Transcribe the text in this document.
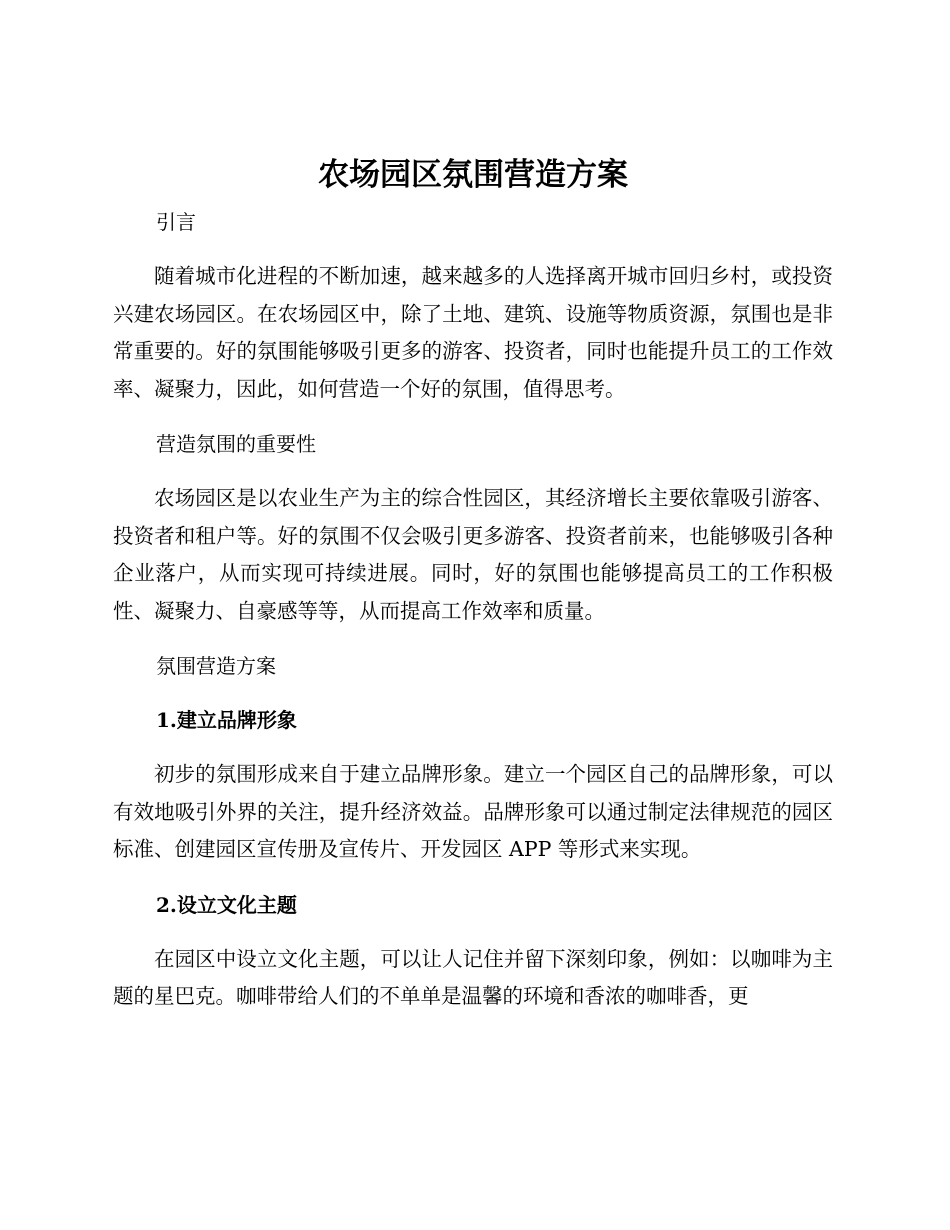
农场园区氛围营造方案
引言

随着城市化进程的不断加速，越来越多的人选择离开城市回归乡村，或投资兴建农场园区。在农场园区中，除了土地、建筑、设施等物质资源，氛围也是非常重要的。好的氛围能够吸引更多的游客、投资者，同时也能提升员工的工作效率、凝聚力，因此，如何营造一个好的氛围，值得思考。

营造氛围的重要性

农场园区是以农业生产为主的综合性园区，其经济增长主要依靠吸引游客、投资者和租户等。好的氛围不仅会吸引更多游客、投资者前来，也能够吸引各种企业落户，从而实现可持续进展。同时，好的氛围也能够提高员工的工作积极性、凝聚力、自豪感等等，从而提高工作效率和质量。

氛围营造方案
1.建立品牌形象

初步的氛围形成来自于建立品牌形象。建立一个园区自己的品牌形象，可以有效地吸引外界的关注，提升经济效益。品牌形象可以通过制定法律规范的园区标准、创建园区宣传册及宣传片、开发园区 APP 等形式来实现。

2.设立文化主题

在园区中设立文化主题，可以让人记住并留下深刻印象，例如：以咖啡为主题的星巴克。咖啡带给人们的不单单是温馨的环境和香浓的咖啡香，更
